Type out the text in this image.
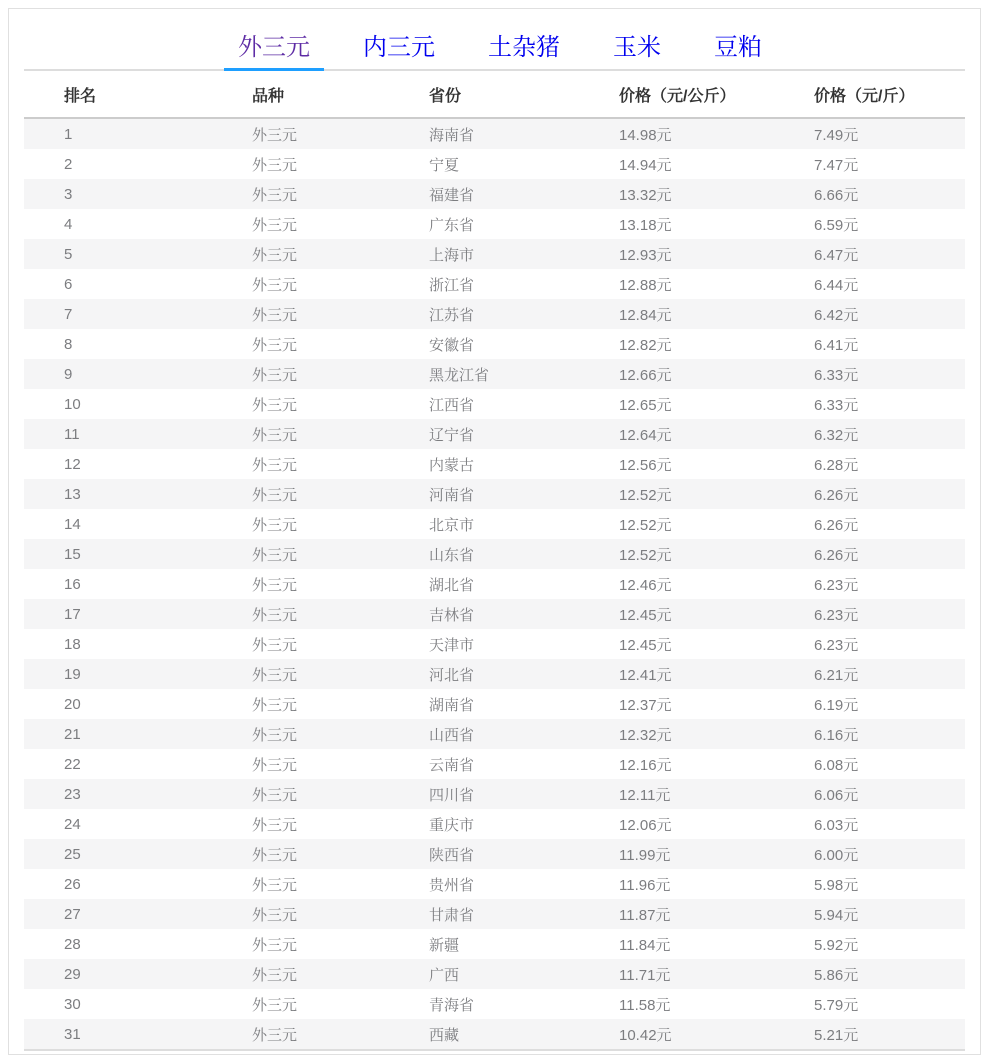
外三元	内三元	土杂猪	玉米	豆粕
排名	品种	省份	价格（元/公斤）	价格（元/斤）
1	外三元	海南省	14.98元	7.49元
2	外三元	宁夏	14.94元	7.47元
3	外三元	福建省	13.32元	6.66元
4	外三元	广东省	13.18元	6.59元
5	外三元	上海市	12.93元	6.47元
6	外三元	浙江省	12.88元	6.44元
7	外三元	江苏省	12.84元	6.42元
8	外三元	安徽省	12.82元	6.41元
9	外三元	黑龙江省	12.66元	6.33元
10	外三元	江西省	12.65元	6.33元
11	外三元	辽宁省	12.64元	6.32元
12	外三元	内蒙古	12.56元	6.28元
13	外三元	河南省	12.52元	6.26元
14	外三元	北京市	12.52元	6.26元
15	外三元	山东省	12.52元	6.26元
16	外三元	湖北省	12.46元	6.23元
17	外三元	吉林省	12.45元	6.23元
18	外三元	天津市	12.45元	6.23元
19	外三元	河北省	12.41元	6.21元
20	外三元	湖南省	12.37元	6.19元
21	外三元	山西省	12.32元	6.16元
22	外三元	云南省	12.16元	6.08元
23	外三元	四川省	12.11元	6.06元
24	外三元	重庆市	12.06元	6.03元
25	外三元	陕西省	11.99元	6.00元
26	外三元	贵州省	11.96元	5.98元
27	外三元	甘肃省	11.87元	5.94元
28	外三元	新疆	11.84元	5.92元
29	外三元	广西	11.71元	5.86元
30	外三元	青海省	11.58元	5.79元
31	外三元	西藏	10.42元	5.21元
